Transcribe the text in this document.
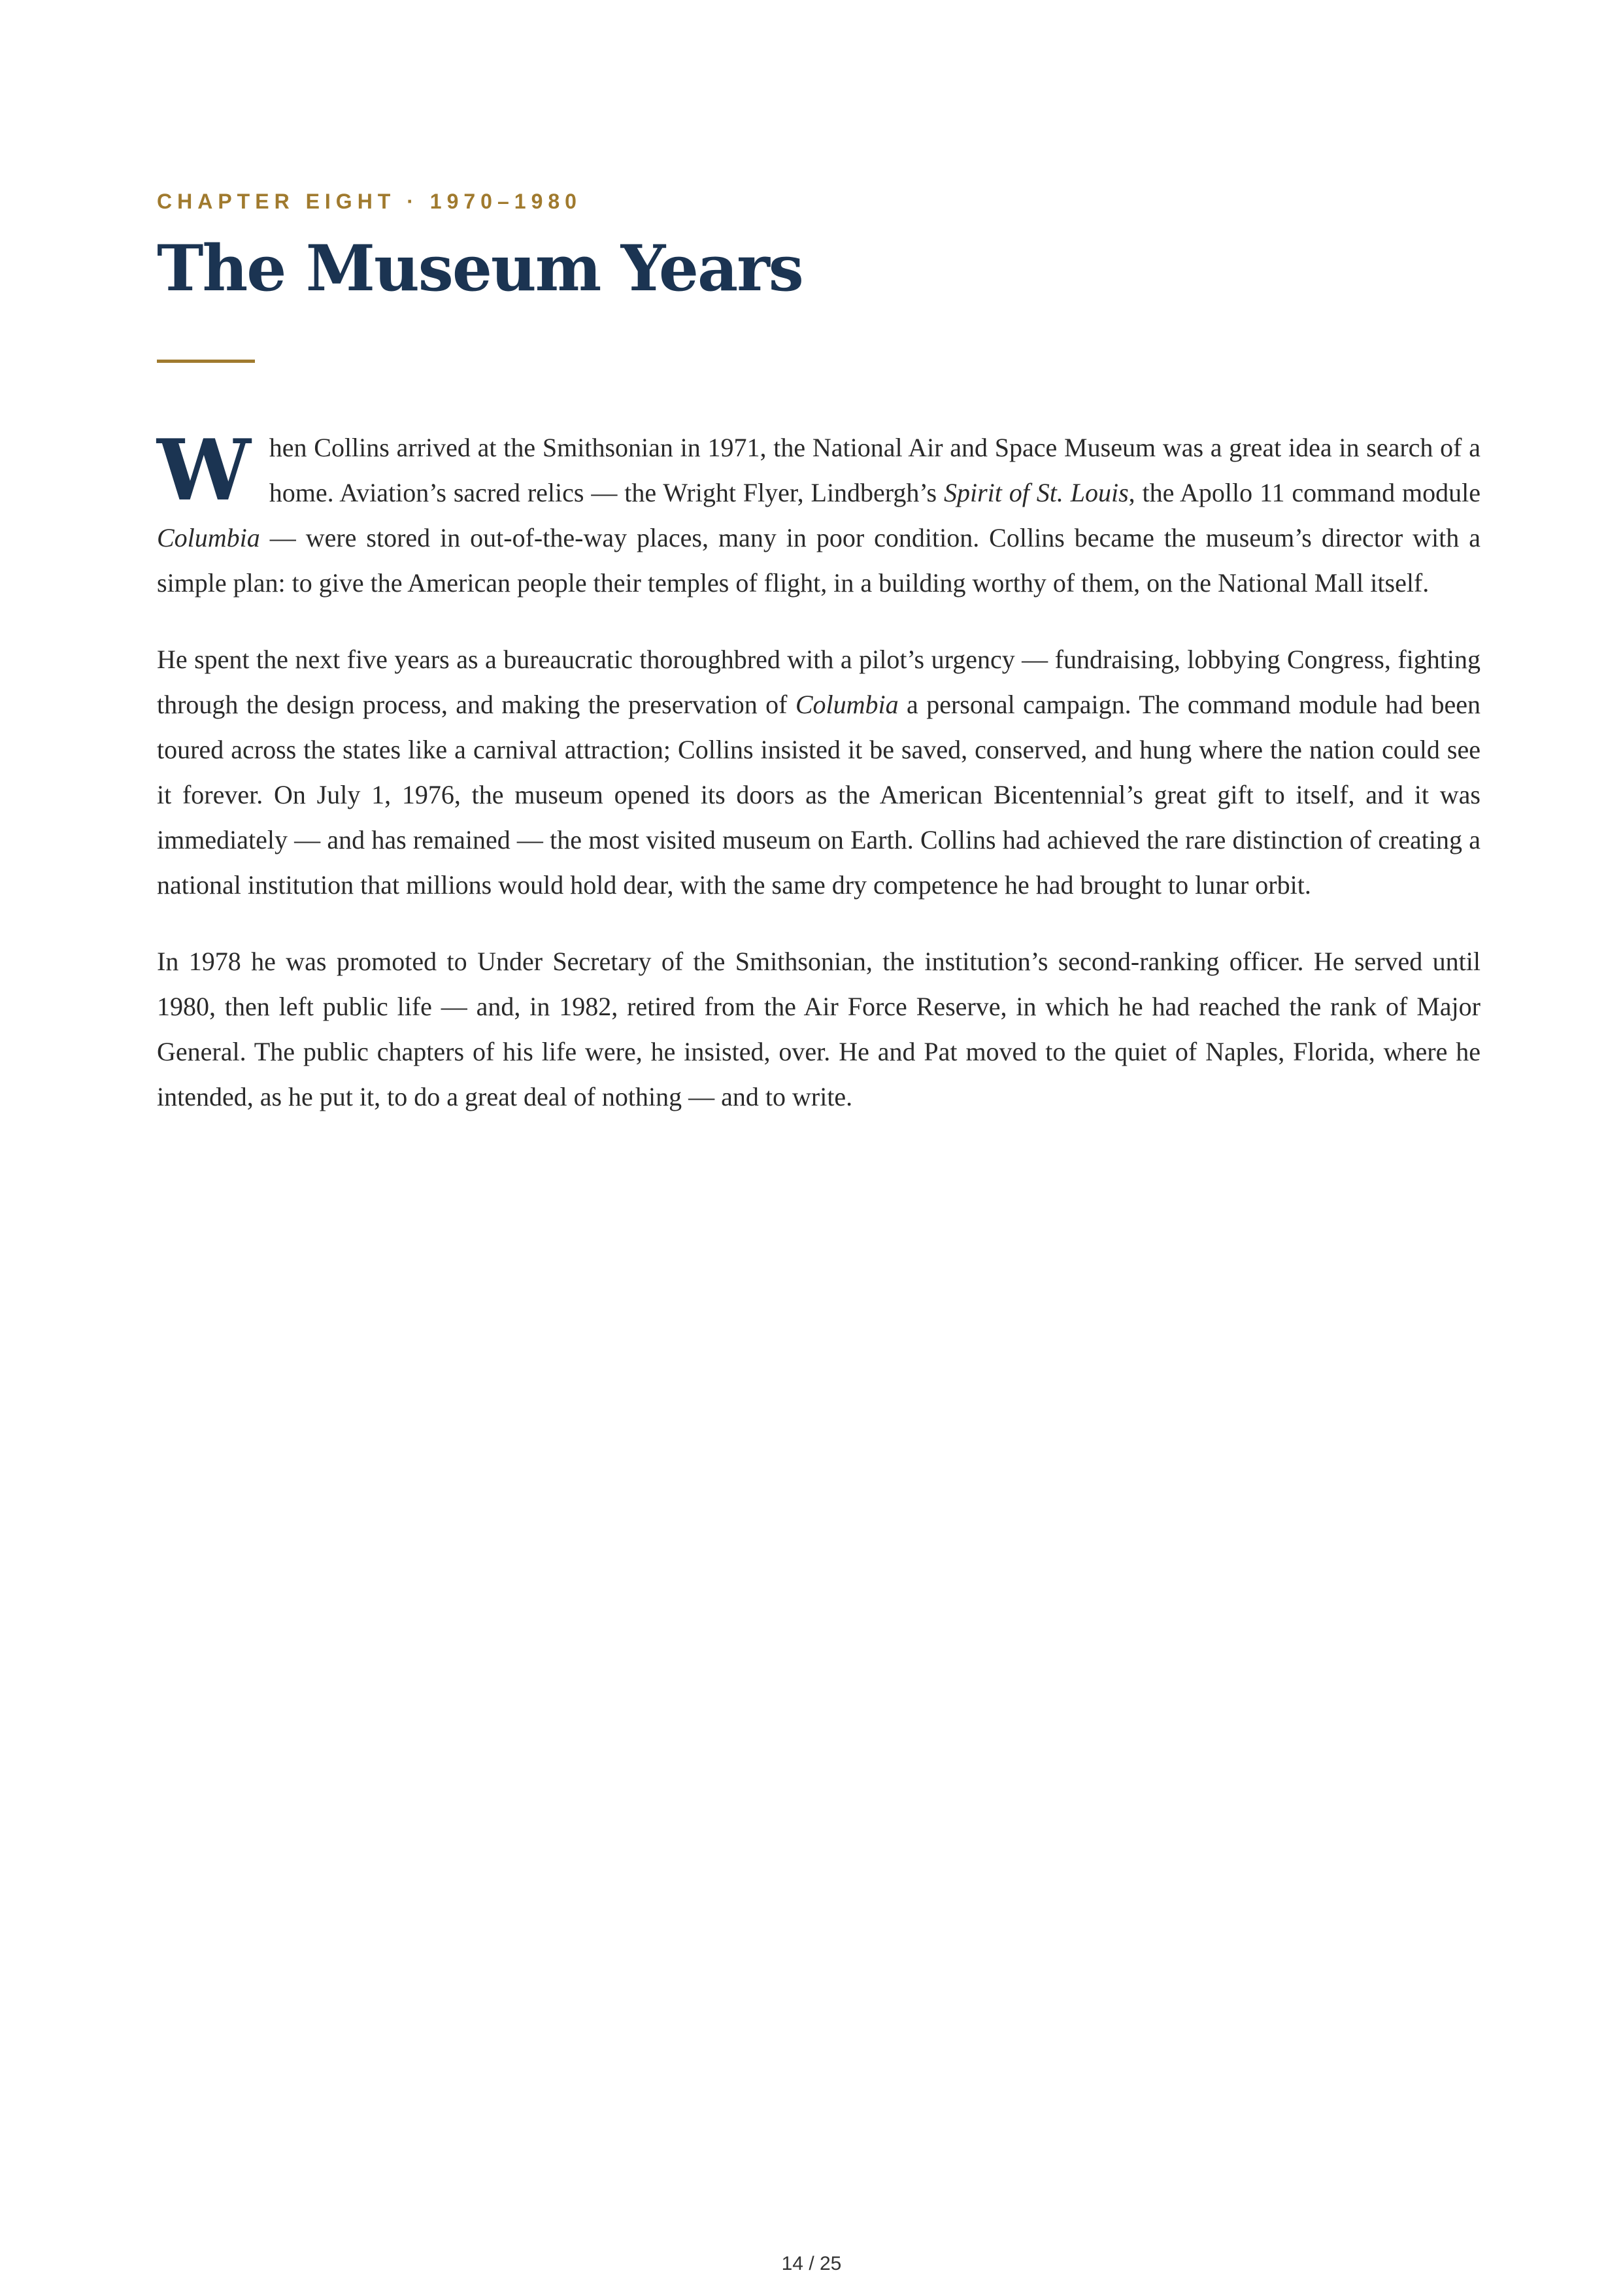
CHAPTER EIGHT · 1970–1980
The Museum Years

When Collins arrived at the Smithsonian in 1971, the National Air and Space Museum was a great idea in search of a home. Aviation’s sacred relics — the Wright Flyer, Lindbergh’s Spirit of St. Louis, the Apollo 11 command module Columbia — were stored in out-of-the-way places, many in poor condition. Collins became the museum’s director with a simple plan: to give the American people their temples of flight, in a building worthy of them, on the National Mall itself.

He spent the next five years as a bureaucratic thoroughbred with a pilot’s urgency — fundraising, lobbying Congress, fighting through the design process, and making the preservation of Columbia a personal campaign. The command module had been toured across the states like a carnival attraction; Collins insisted it be saved, conserved, and hung where the nation could see it forever. On July 1, 1976, the museum opened its doors as the American Bicentennial’s great gift to itself, and it was immediately — and has remained — the most visited museum on Earth. Collins had achieved the rare distinction of creating a national institution that millions would hold dear, with the same dry competence he had brought to lunar orbit.

In 1978 he was promoted to Under Secretary of the Smithsonian, the institution’s second-ranking officer. He served until 1980, then left public life — and, in 1982, retired from the Air Force Reserve, in which he had reached the rank of Major General. The public chapters of his life were, he insisted, over. He and Pat moved to the quiet of Naples, Florida, where he intended, as he put it, to do a great deal of nothing — and to write.

14 / 25
